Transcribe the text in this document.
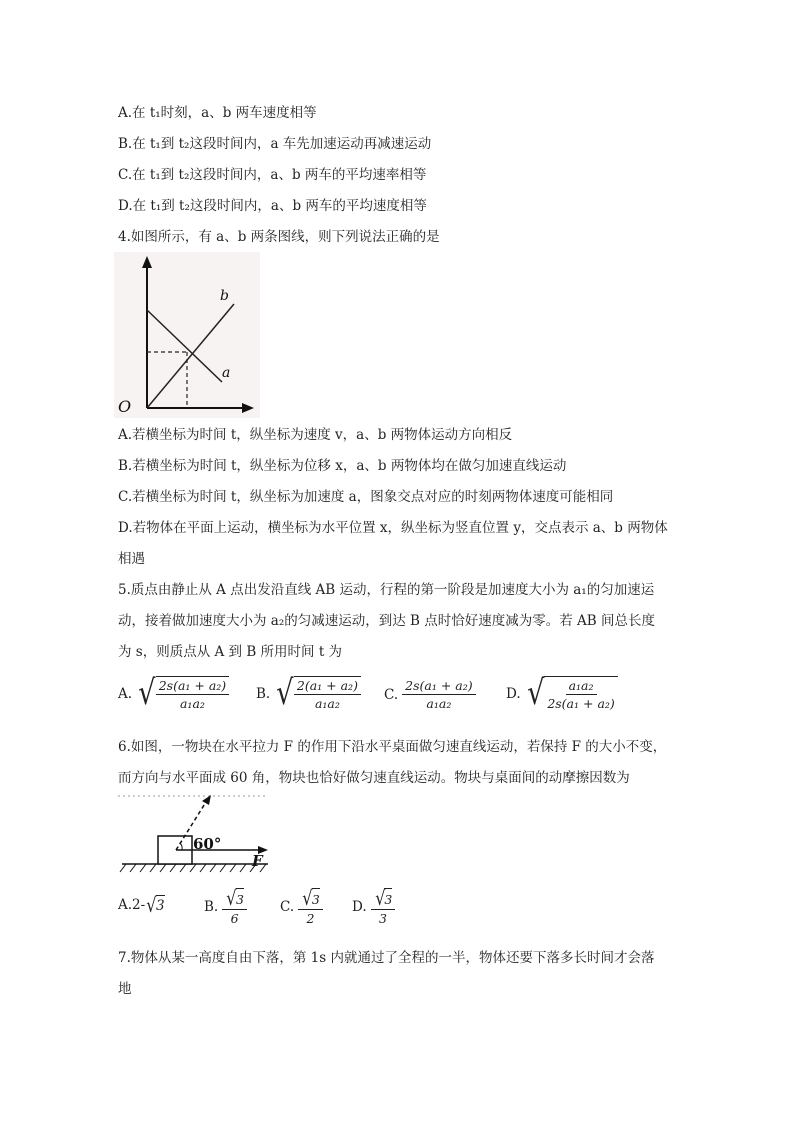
A.在 t₁时刻，a、b 两车速度相等
B.在 t₁到 t₂这段时间内，a 车先加速运动再减速运动
C.在 t₁到 t₂这段时间内，a、b 两车的平均速率相等
D.在 t₁到 t₂这段时间内，a、b 两车的平均速度相等
4.如图所示，有 a、b 两条图线，则下列说法正确的是
O
b
a
A.若横坐标为时间 t，纵坐标为速度 v，a、b 两物体运动方向相反
B.若横坐标为时间 t，纵坐标为位移 x，a、b 两物体均在做匀加速直线运动
C.若横坐标为时间 t，纵坐标为加速度 a，图象交点对应的时刻两物体速度可能相同
D.若物体在平面上运动，横坐标为水平位置 x，纵坐标为竖直位置 y，交点表示 a、b 两物体
相遇
5.质点由静止从 A 点出发沿直线 AB 运动，行程的第一阶段是加速度大小为 a₁的匀加速运
动，接着做加速度大小为 a₂的匀减速运动，到达 B 点时恰好速度减为零。若 AB 间总长度
为 s，则质点从 A 到 B 所用时间 t 为
A. √ $\frac{\text{2s(a₁ + a₂)}}{\text{a₁a₂}} B$. √ $\frac{\text{2(a₁ + a₂)}}{\text{a₁a₂}} C$. $\frac{\text{2s(a₁ + a₂)}}{\text{a₁a₂}} D$. √ $\frac{\text{a₁a₂}}{\text{2s(a₁ + a₂)}}$
6.如图，一物块在水平拉力 F 的作用下沿水平桌面做匀速直线运动，若保持 F 的大小不变，
而方向与水平面成 60 角，物块也恰好做匀速直线运动。物块与桌面间的动摩擦因数为
60°
F
A. 2- √ 3	B. $\frac{√ 3}{6} C$. $\frac{√ 3}{2} D$. $\frac{√ 3}{3}$
7.物体从某一高度自由下落，第 1s 内就通过了全程的一半，物体还要下落多长时间才会落
地
